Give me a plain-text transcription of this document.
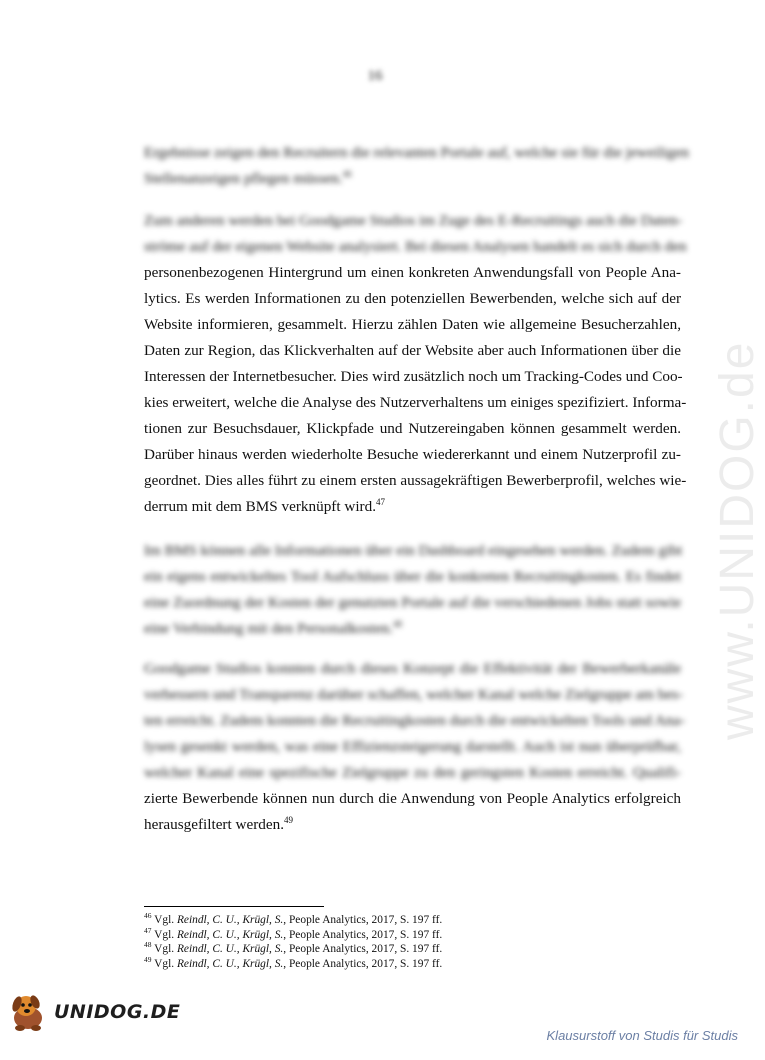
www.UNIDOG.de
16

Ergebnisse zeigen den Recruitern die relevanten Portale auf, welche sie für die jeweiligen
Stellenanzeigen pflegen müssen.$^{46}$

Zum anderen werden bei Goodgame Studios im Zuge des E-Recruitings auch die Daten-
ströme auf der eigenen Website analysiert. Bei diesen Analysen handelt es sich durch den
personenbezogenen Hintergrund um einen konkreten Anwendungsfall von People Ana-
lytics. Es werden Informationen zu den potenziellen Bewerbenden, welche sich auf der
Website informieren, gesammelt. Hierzu zählen Daten wie allgemeine Besucherzahlen,
Daten zur Region, das Klickverhalten auf der Website aber auch Informationen über die
Interessen der Internetbesucher. Dies wird zusätzlich noch um Tracking-Codes und Coo-
kies erweitert, welche die Analyse des Nutzerverhaltens um einiges spezifiziert. Informa-
tionen zur Besuchsdauer, Klickpfade und Nutzereingaben können gesammelt werden.
Darüber hinaus werden wiederholte Besuche wiedererkannt und einem Nutzerprofil zu-
geordnet. Dies alles führt zu einem ersten aussagekräftigen Bewerberprofil, welches wie-
derrum mit dem BMS verknüpft wird.$^{47}$

Im BMS können alle Informationen über ein Dashboard eingesehen werden. Zudem gibt
ein eigens entwickeltes Tool Aufschluss über die konkreten Recruitingkosten. Es findet
eine Zuordnung der Kosten der genutzten Portale auf die verschiedenen Jobs statt sowie
eine Verbindung mit den Personalkosten.$^{48}$

Goodgame Studios konnten durch dieses Konzept die Effektivität der Bewerberkanäle
verbessern und Transparenz darüber schaffen, welcher Kanal welche Zielgruppe am bes-
ten erreicht. Zudem konnten die Recruitingkosten durch die entwickelten Tools und Ana-
lysen gesenkt werden, was eine Effizienzsteigerung darstellt. Auch ist nun überprüfbar,
welcher Kanal eine spezifische Zielgruppe zu den geringsten Kosten erreicht. Qualifi-
zierte Bewerbende können nun durch die Anwendung von People Analytics erfolgreich
herausgefiltert werden.$^{49}$

$^{46}$ Vgl. Reindl, C. U., Krügl, S., People Analytics, 2017, S. 197 ff.
$^{47}$ Vgl. Reindl, C. U., Krügl, S., People Analytics, 2017, S. 197 ff.
$^{48}$ Vgl. Reindl, C. U., Krügl, S., People Analytics, 2017, S. 197 ff.
$^{49}$ Vgl. Reindl, C. U., Krügl, S., People Analytics, 2017, S. 197 ff.
UNIDOG.DE
Klausurstoff von Studis für Studis
